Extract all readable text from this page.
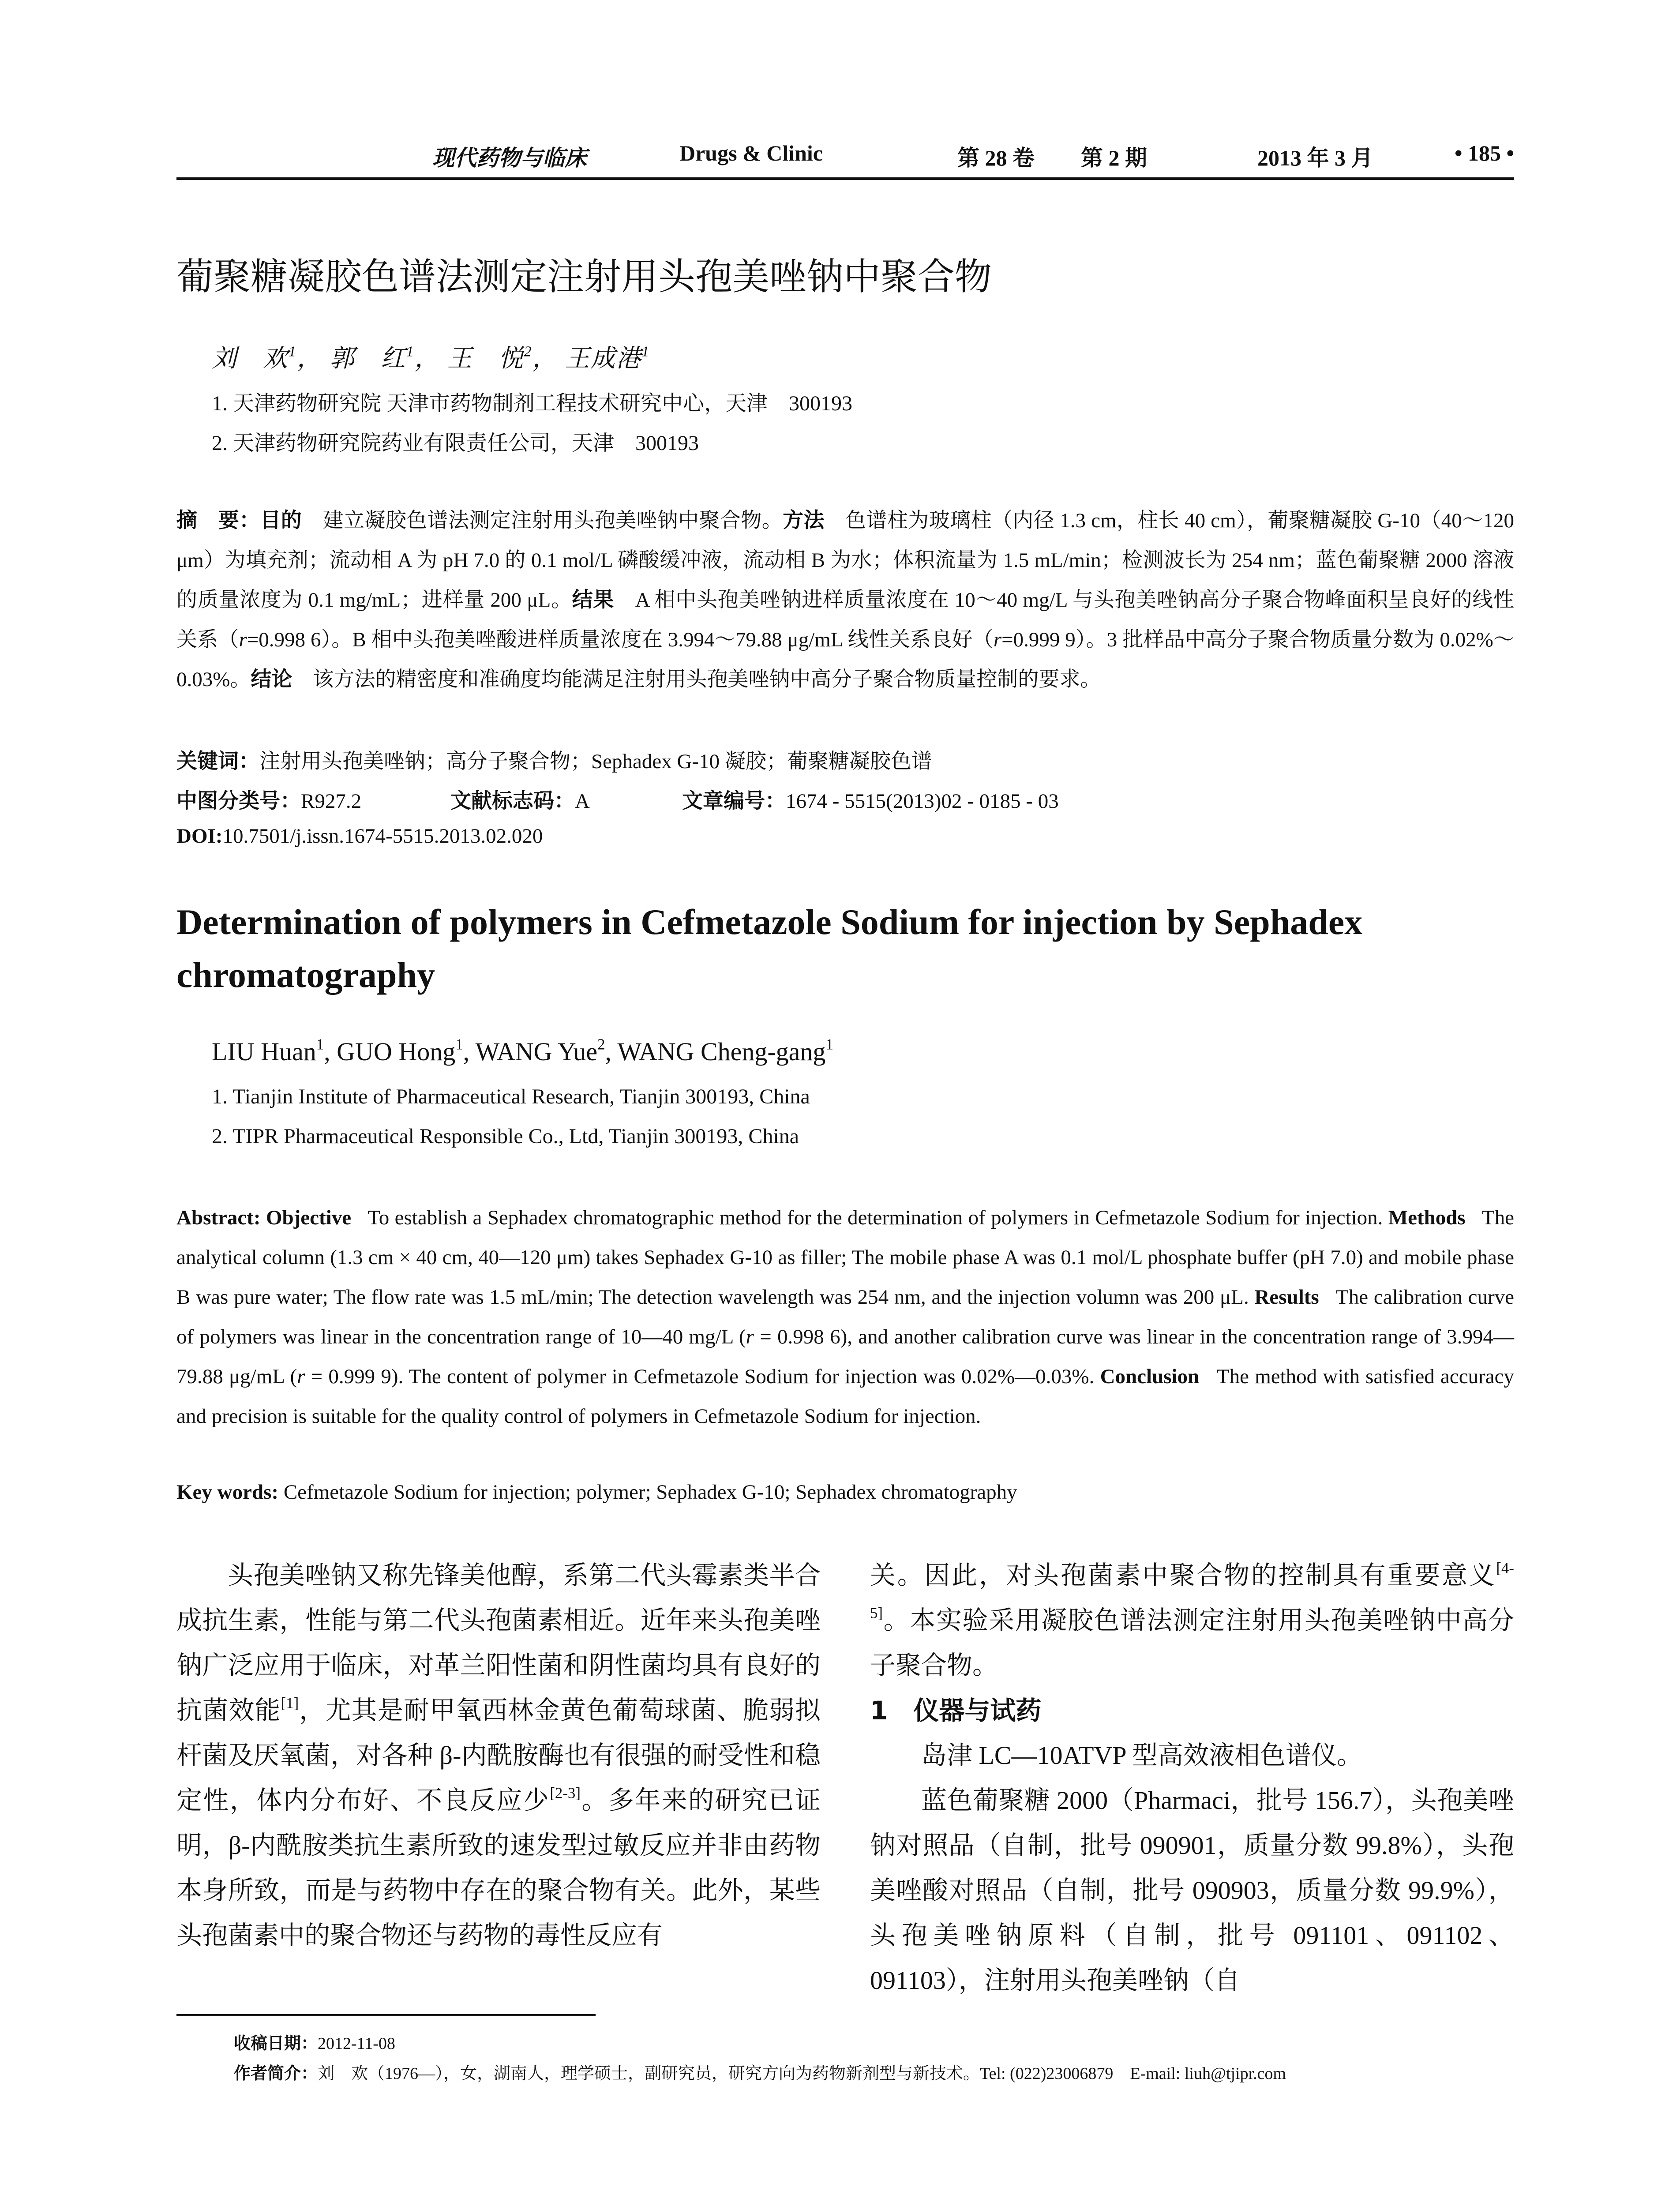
现代药物与临床	Drugs & Clinic	第 28 卷 第 2 期	2013 年 3 月	• 185 •
葡聚糖凝胶色谱法测定注射用头孢美唑钠中聚合物
刘　欢$^1$， 郭　红$^1$， 王　悦$^2$， 王成港$^1$
1. 天津药物研究院 天津市药物制剂工程技术研究中心，天津　300193
2. 天津药物研究院药业有限责任公司，天津　300193
摘　要：目的　 建立凝胶色谱法测定注射用头孢美唑钠中聚合物。方法　 色谱柱为玻璃柱（内径 1.3 cm，柱长 40 cm），葡聚糖凝胶 G-10（40～120 μm）为填充剂；流动相 A 为 pH 7.0 的 0.1 mol/L 磷酸缓冲液，流动相 B 为水；体积流量为 1.5 mL/min；检测波长为 254 nm；蓝色葡聚糖 2000 溶液的质量浓度为 0.1 mg/mL；进样量 200 μL。结果　 A 相中头孢美唑钠进样质量浓度在 10～40 mg/L 与头孢美唑钠高分子聚合物峰面积呈良好的线性关系（r=0.998 6）。B 相中头孢美唑酸进样质量浓度在 3.994～79.88 μg/mL 线性关系良好（r=0.999 9）。3 批样品中高分子聚合物质量分数为 0.02%～0.03%。结论　 该方法的精密度和准确度均能满足注射用头孢美唑钠中高分子聚合物质量控制的要求。
关键词：注射用头孢美唑钠；高分子聚合物；Sephadex G-10 凝胶；葡聚糖凝胶色谱
中图分类号：R927.2	文献标志码：A	文章编号：1674 - 5515(2013)02 - 0185 - 03
DOI:10.7501/j.issn.1674-5515.2013.02.020
Determination of polymers in Cefmetazole Sodium for injection by Sephadex chromatography
LIU Huan$^1$, GUO Hong$^1$, WANG Yue$^2$, WANG Cheng-gang$^1$
1. Tianjin Institute of Pharmaceutical Research, Tianjin 300193, China
2. TIPR Pharmaceutical Responsible Co., Ltd, Tianjin 300193, China
Abstract: Objective To establish a Sephadex chromatographic method for the determination of polymers in Cefmetazole Sodium for injection. Methods The analytical column (1.3 cm × 40 cm, 40—120 μm) takes Sephadex G-10 as filler; The mobile phase A was 0.1 mol/L phosphate buffer (pH 7.0) and mobile phase B was pure water; The flow rate was 1.5 mL/min; The detection wavelength was 254 nm, and the injection volumn was 200 μL. Results The calibration curve of polymers was linear in the concentration range of 10—40 mg/L (r = 0.998 6), and another calibration curve was linear in the concentration range of 3.994—79.88 μg/mL (r = 0.999 9). The content of polymer in Cefmetazole Sodium for injection was 0.02%—0.03%. Conclusion The method with satisfied accuracy and precision is suitable for the quality control of polymers in Cefmetazole Sodium for injection.
Key words: Cefmetazole Sodium for injection; polymer; Sephadex G-10; Sephadex chromatography
头孢美唑钠又称先锋美他醇，系第二代头霉素类半合成抗生素，性能与第二代头孢菌素相近。近年来头孢美唑钠广泛应用于临床，对革兰阳性菌和阴性菌均具有良好的抗菌效能[1]，尤其是耐甲氧西林金黄色葡萄球菌、脆弱拟杆菌及厌氧菌，对各种 β-内酰胺酶也有很强的耐受性和稳定性，体内分布好、不良反应少[2-3]。多年来的研究已证明，β-内酰胺类抗生素所致的速发型过敏反应并非由药物本身所致，而是与药物中存在的聚合物有关。此外，某些头孢菌素中的聚合物还与药物的毒性反应有
关。因此，对头孢菌素中聚合物的控制具有重要意义[4-5]。本实验采用凝胶色谱法测定注射用头孢美唑钠中高分子聚合物。
1　仪器与试药
岛津 LC—10ATVP 型高效液相色谱仪。
蓝色葡聚糖 2000（Pharmaci，批号 156.7），头孢美唑钠对照品（自制，批号 090901，质量分数 99.8%），头孢美唑酸对照品（自制，批号 090903，质量分数 99.9%），头孢美唑钠原料（自制，批号 091101、091102、091103），注射用头孢美唑钠（自
收稿日期：2012-11-08
作者简介：刘　欢（1976—），女，湖南人，理学硕士，副研究员，研究方向为药物新剂型与新技术。Tel: (022)23006879　E-mail: liuh@tjipr.com
